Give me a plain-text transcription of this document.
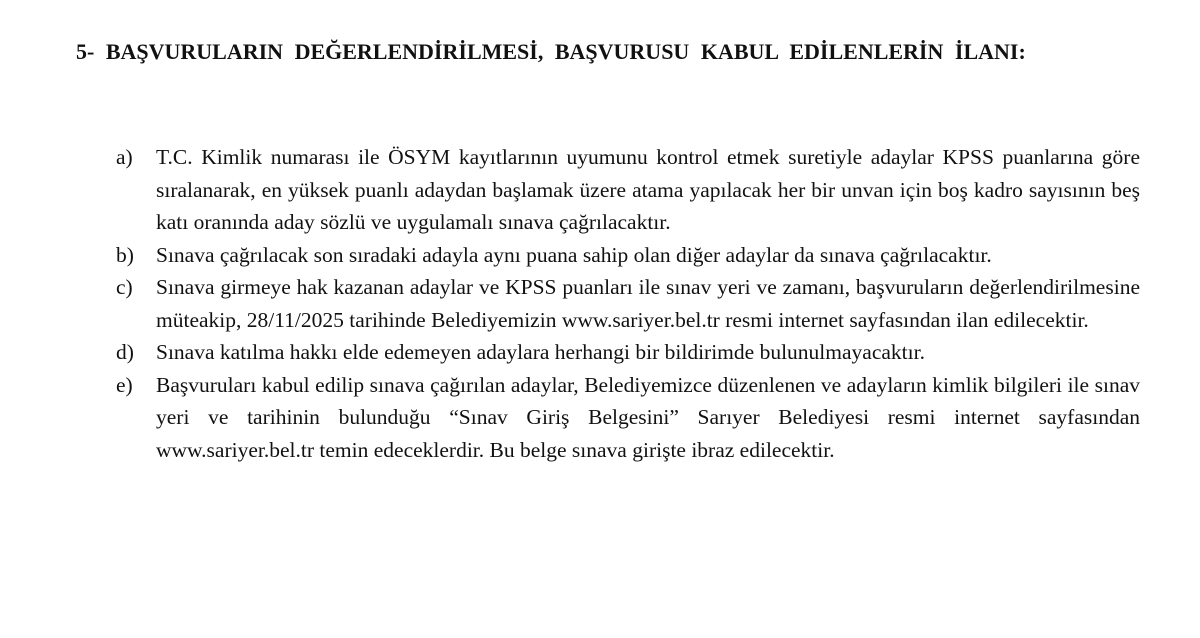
5- BAŞVURULARIN DEĞERLENDİRİLMESİ, BAŞVURUSU KABUL EDİLENLERİN İLANI:
a)	T.C. Kimlik numarası ile ÖSYM kayıtlarının uyumunu kontrol etmek suretiyle adaylar KPSS puanlarına göre sıralanarak, en yüksek puanlı adaydan başlamak üzere atama yapılacak her bir unvan için boş kadro sayısının beş katı oranında aday sözlü ve uygulamalı sınava çağrılacaktır.
b)	Sınava çağrılacak son sıradaki adayla aynı puana sahip olan diğer adaylar da sınava çağrılacaktır.
c)	Sınava girmeye hak kazanan adaylar ve KPSS puanları ile sınav yeri ve zamanı, başvuruların değerlendirilmesine müteakip, 28/11/2025 tarihinde Belediyemizin www.sariyer.bel.tr resmi internet sayfasından ilan edilecektir.
d)	Sınava katılma hakkı elde edemeyen adaylara herhangi bir bildirimde bulunulmayacaktır.
e)	Başvuruları kabul edilip sınava çağırılan adaylar, Belediyemizce düzenlenen ve adayların kimlik bilgileri ile sınav yeri ve tarihinin bulunduğu “Sınav Giriş Belgesini” Sarıyer Belediyesi resmi internet sayfasından www.sariyer.bel.tr temin edeceklerdir. Bu belge sınava girişte ibraz edilecektir.
